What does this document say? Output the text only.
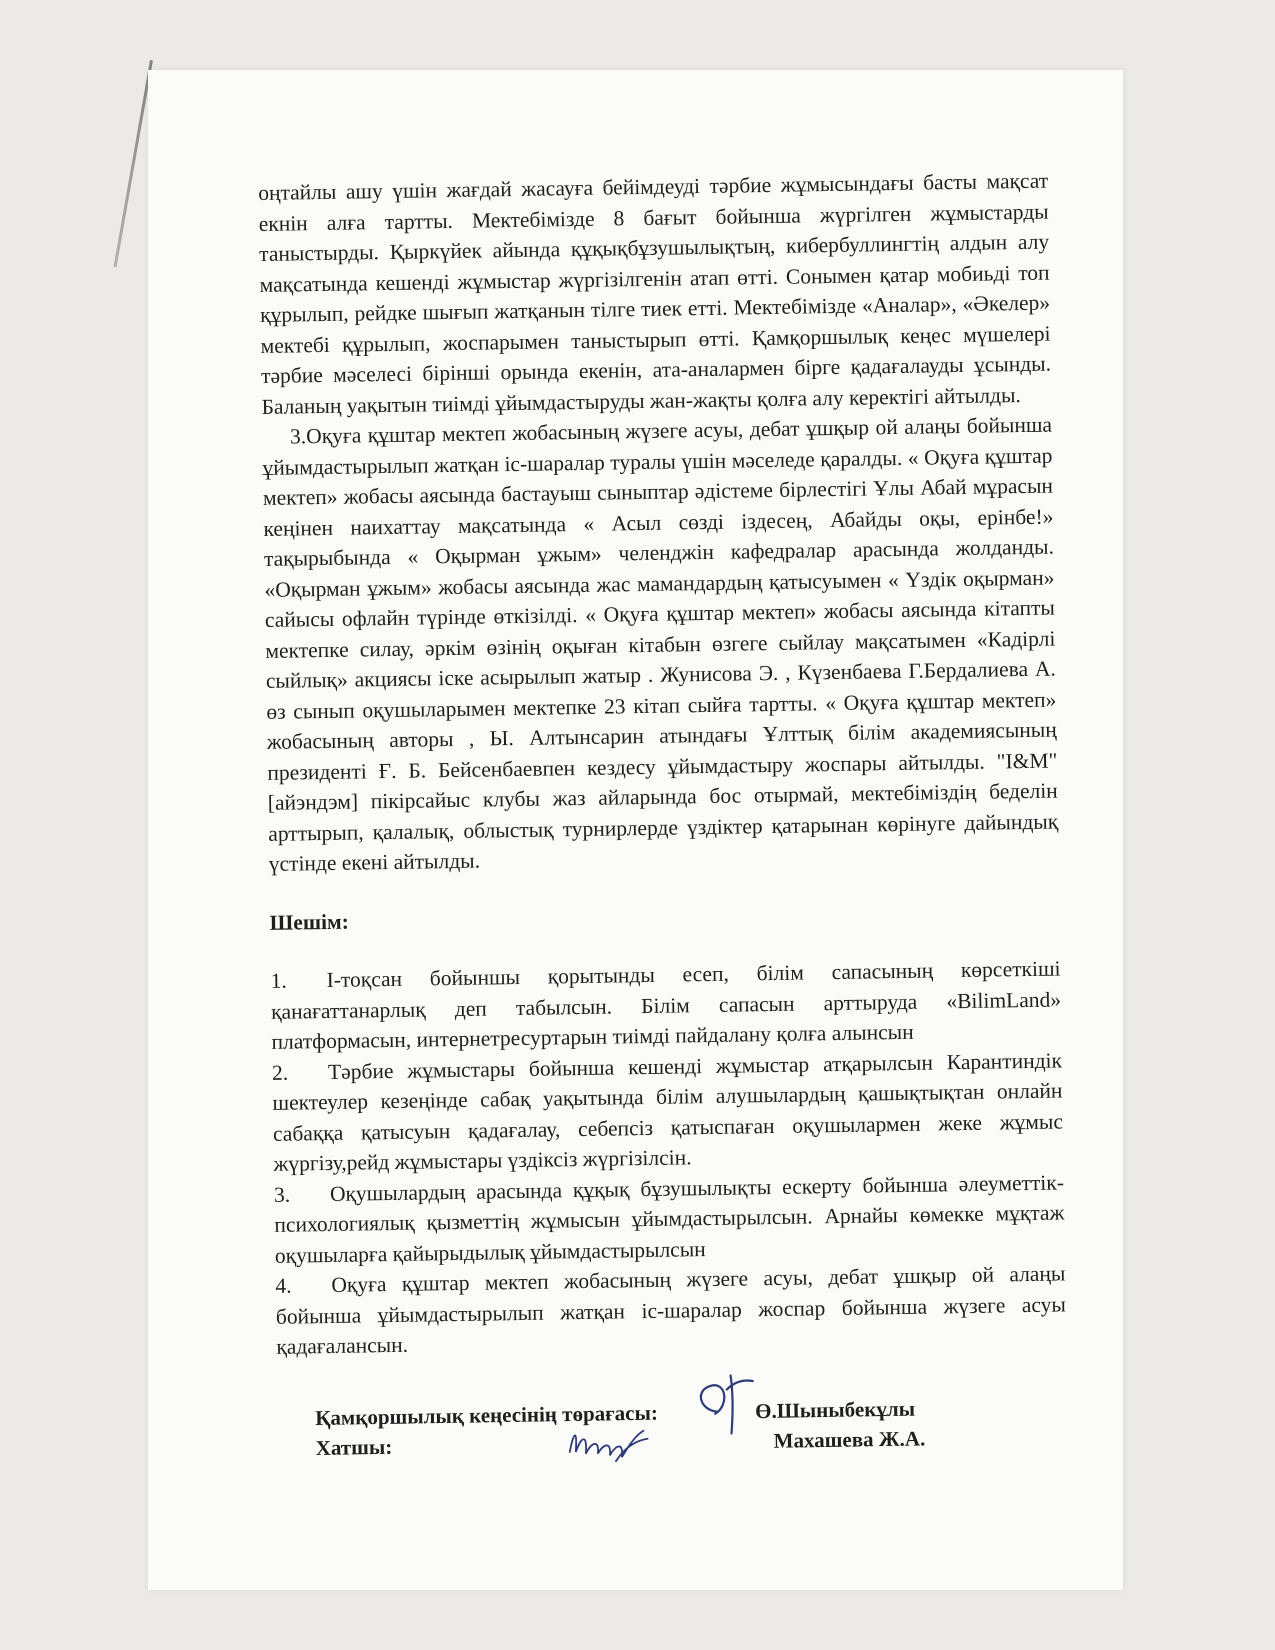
оңтайлы ашу үшін жағдай жасауға бейімдеуді тәрбие жұмысындағы басты мақсат екнін алға тартты. Мектебімізде 8 бағыт бойынша жүргілген жұмыстарды таныстырды. Қыркүйек айында құқықбұзушылықтың, кибербуллингтің алдын алу мақсатында кешенді жұмыстар жүргізілгенін атап өтті. Сонымен қатар мобиьді топ құрылып, рейдке шығып жатқанын тілге тиек етті. Мектебімізде «Аналар», «Әкелер» мектебі құрылып, жоспарымен таныстырып өтті. Қамқоршылық кеңес мүшелері тәрбие мәселесі бірінші орында екенін, ата-аналармен бірге қадағалауды ұсынды. Баланың уақытын тиімді ұйымдастыруды жан-жақты қолға алу керектігі айтылды.

3.Оқуға құштар мектеп жобасының жүзеге асуы, дебат ұшқыр ой алаңы бойынша ұйымдастырылып жатқан іс-шаралар туралы үшін мәселеде қаралды. « Оқуға құштар мектеп» жобасы аясында бастауыш сыныптар әдістеме бірлестігі Ұлы Абай мұрасын кеңінен наихаттау мақсатында « Асыл сөзді іздесең, Абайды оқы, ерінбе!» тақырыбында « Оқырман ұжым» челенджін кафедралар арасында жолданды. «Оқырман ұжым» жобасы аясында жас мамандардың қатысуымен « Үздік оқырман» сайысы офлайн түрінде өткізілді. « Оқуға құштар мектеп» жобасы аясында кітапты мектепке силау, әркім өзінің оқыған кітабын өзгеге сыйлау мақсатымен «Кадірлі сыйлық» акциясы іске асырылып жатыр . Жунисова Э. , Күзенбаева Г.Бердалиева А. өз сынып оқушыларымен мектепке 23 кітап сыйға тартты. « Оқуға құштар мектеп» жобасының авторы , Ы. Алтынсарин атындағы Ұлттық білім академиясының президенті Ғ. Б. Бейсенбаевпен кездесу ұйымдастыру жоспары айтылды. "I&M" [айэндэм] пікірсайыс клубы жаз айларында бос отырмай, мектебіміздің беделін арттырып, қалалық, облыстық турнирлерде үздіктер қатарынан көрінуге дайындық үстінде екені айтылды.

Шешім:

1. І-тоқсан бойыншы қорытынды есеп, білім сапасының көрсеткіші қанағаттанарлық деп табылсын. Білім сапасын арттыруда «BilimLand» платформасын, интернетресуртарын тиімді пайдалану қолға алынсын
2. Тәрбие жұмыстары бойынша кешенді жұмыстар атқарылсын Карантиндік шектеулер кезеңінде сабақ уақытында білім алушылардың қашықтықтан онлайн сабаққа қатысуын қадағалау, себепсіз қатыспаған оқушылармен жеке жұмыс жүргізу,рейд жұмыстары үздіксіз жүргізілсін.
3. Оқушылардың арасында құқық бұзушылықты ескерту бойынша әлеуметтік-психологиялық қызметтің жұмысын ұйымдастырылсын. Арнайы көмекке мұқтаж оқушыларға қайырыдылық ұйымдастырылсын
4. Оқуға құштар мектеп жобасының жүзеге асуы, дебат ұшқыр ой алаңы бойынша ұйымдастырылып жатқан іс-шаралар жоспар бойынша жүзеге асуы қадағалансын.
Қамқоршылық кеңесінің төрағасы:	Ө.Шыныбекұлы
Хатшы:	Махашева Ж.А.
